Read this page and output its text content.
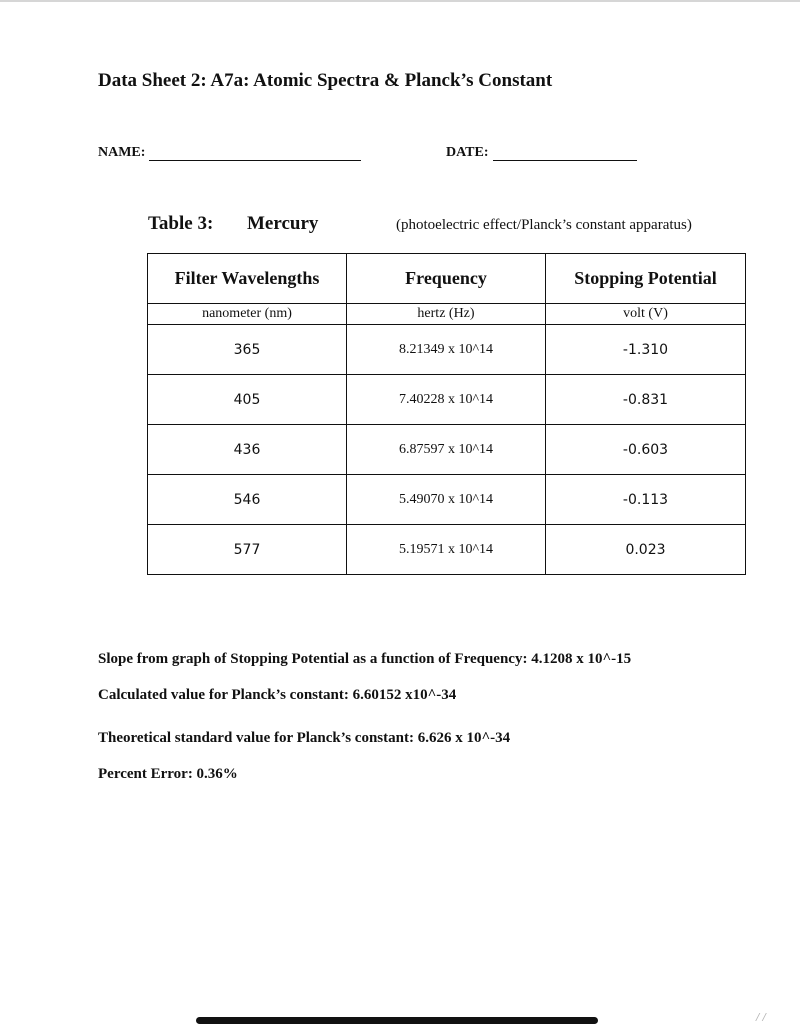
Data Sheet 2: A7a: Atomic Spectra & Planck’s Constant
NAME:	DATE:
Table 3: Mercury	(photoelectric effect/Planck’s constant apparatus)
Filter Wavelengths	Frequency	Stopping Potential
nanometer (nm)	hertz (Hz)	volt (V)
365	8.21349 x 10^14	-1.310
405	7.40228 x 10^14	-0.831
436	6.87597 x 10^14	-0.603
546	5.49070 x 10^14	-0.113
577	5.19571 x 10^14	0.023
Slope from graph of Stopping Potential as a function of Frequency: 4.1208 x 10^-15
Calculated value for Planck’s constant: 6.60152 x10^-34
Theoretical standard value for Planck’s constant: 6.626 x 10^-34
Percent Error: 0.36%
/ /
